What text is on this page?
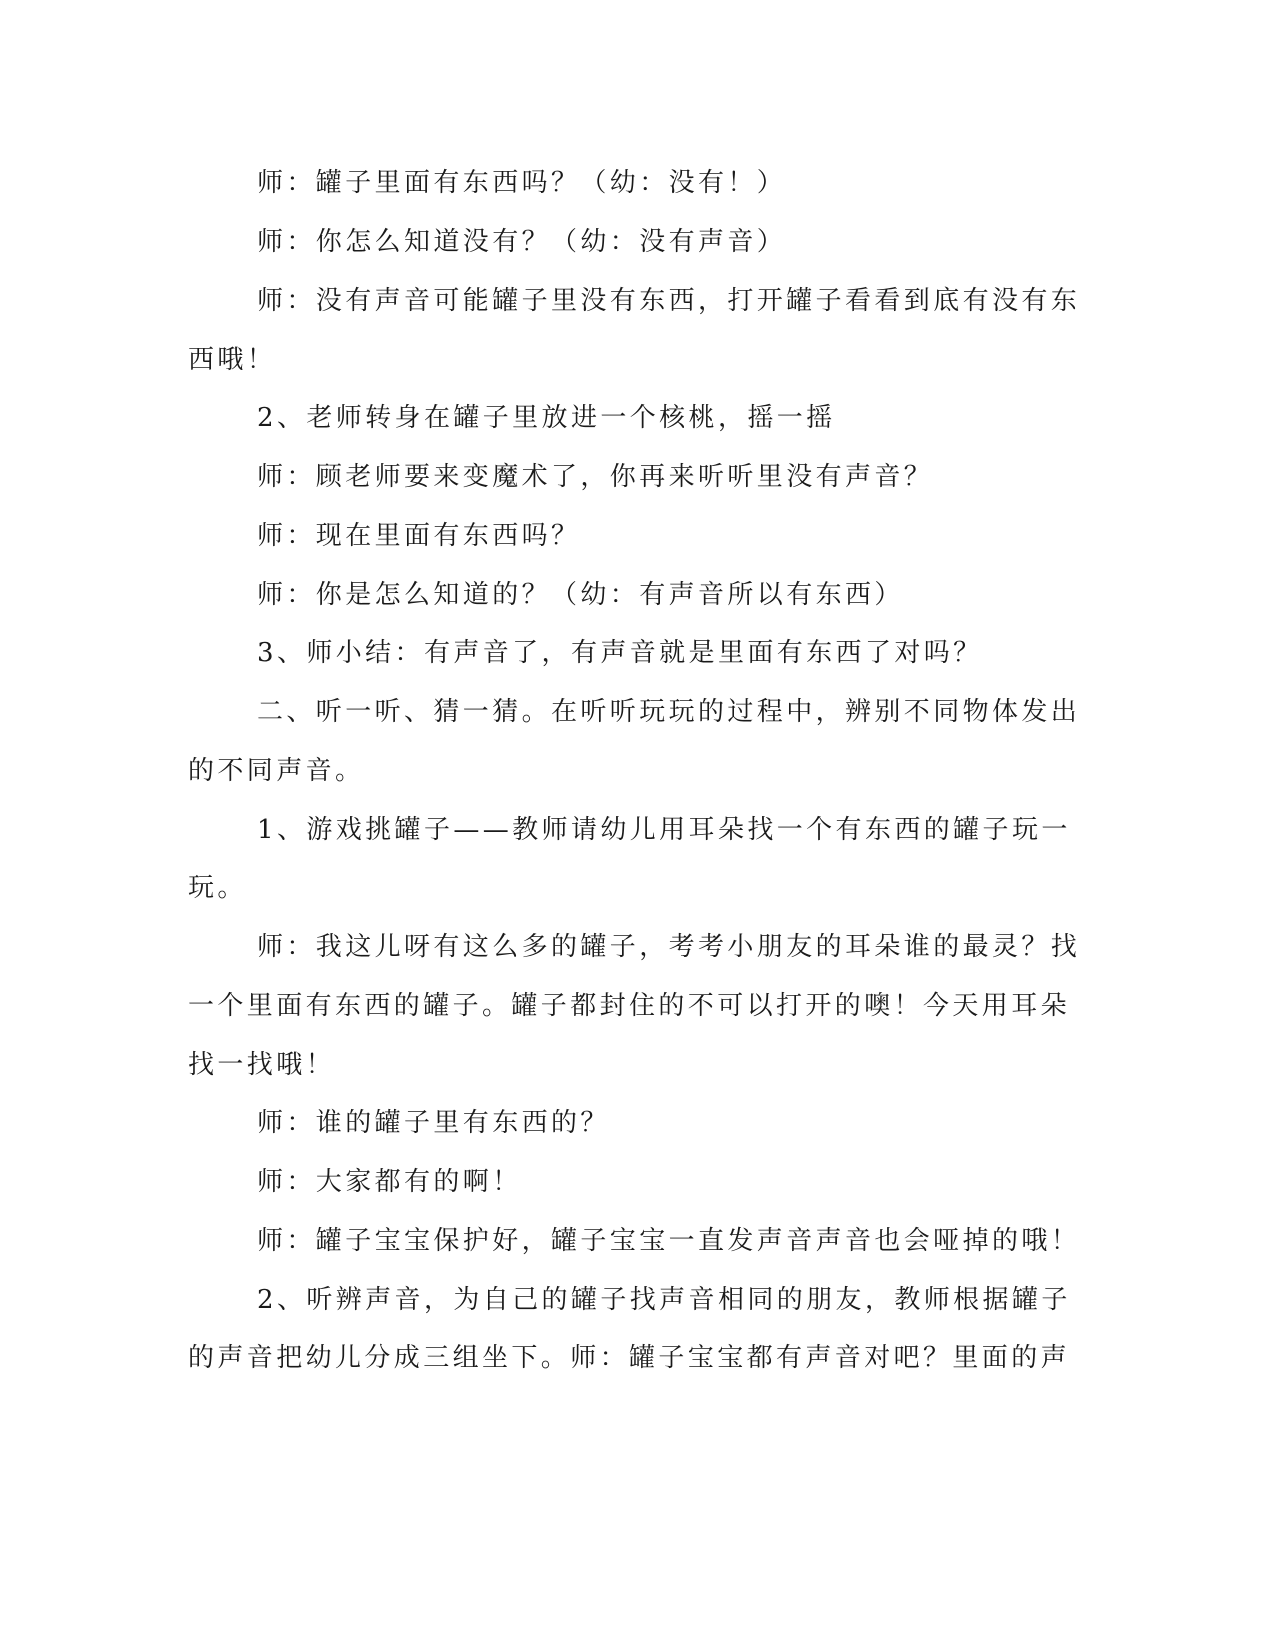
师：罐子里面有东西吗？（幼：没有！）
师：你怎么知道没有？（幼：没有声音）
师：没有声音可能罐子里没有东西，打开罐子看看到底有没有东
西哦！
2、老师转身在罐子里放进一个核桃，摇一摇
师：顾老师要来变魔术了，你再来听听里没有声音？
师：现在里面有东西吗？
师：你是怎么知道的？（幼：有声音所以有东西）
3、师小结：有声音了，有声音就是里面有东西了对吗？
二、听一听、猜一猜。在听听玩玩的过程中，辨别不同物体发出
的不同声音。
1、游戏挑罐子——教师请幼儿用耳朵找一个有东西的罐子玩一
玩。
师：我这儿呀有这么多的罐子，考考小朋友的耳朵谁的最灵？找
一个里面有东西的罐子。罐子都封住的不可以打开的噢！今天用耳朵
找一找哦！
师：谁的罐子里有东西的？
师：大家都有的啊！
师：罐子宝宝保护好，罐子宝宝一直发声音声音也会哑掉的哦！
2、听辨声音，为自己的罐子找声音相同的朋友，教师根据罐子
的声音把幼儿分成三组坐下。师：罐子宝宝都有声音对吧？里面的声
